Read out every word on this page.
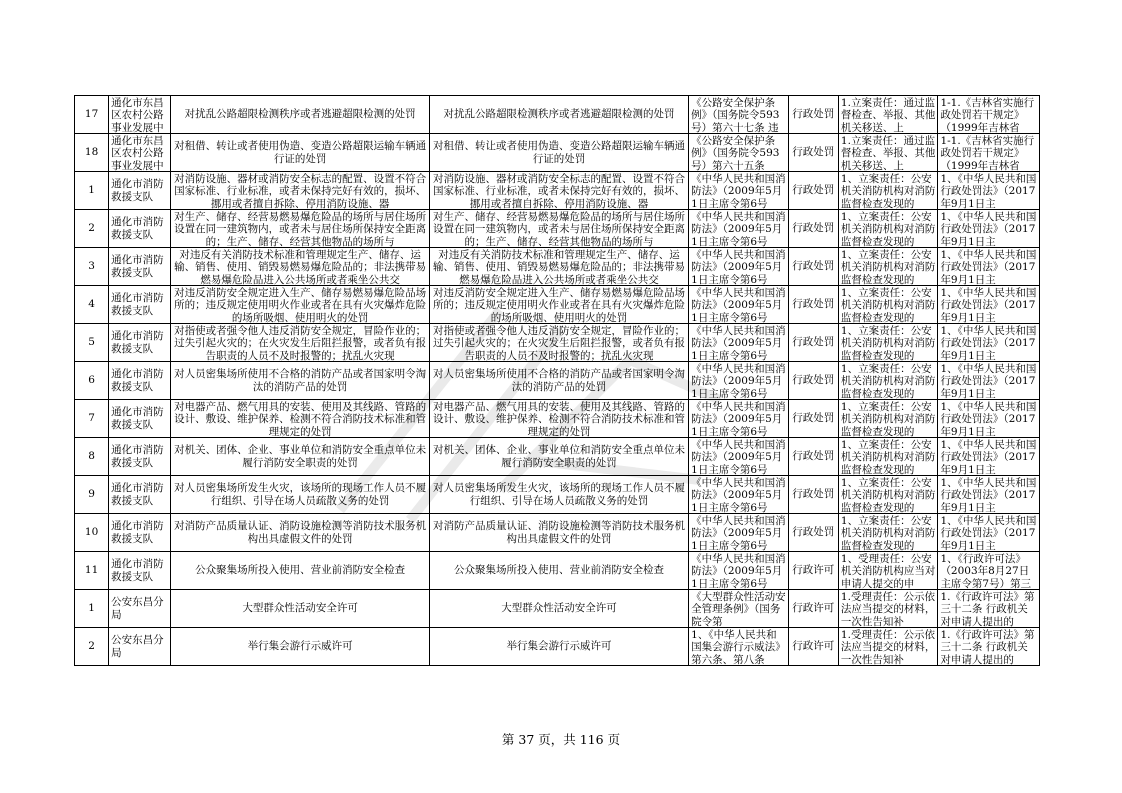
17	通化市东昌区农村公路事业发展中	对扰乱公路超限检测秩序或者逃避超限检测的处罚	对扰乱公路超限检测秩序或者逃避超限检测的处罚	《公路安全保护条例》（国务院令593号）第六十七条 违	行政处罚	1.立案责任：通过监督检查、举报、其他机关移送、上	1-1.《吉林省实施行政处罚若干规定》（1999年吉林省

18	通化市东昌区农村公路事业发展中	对租借、转让或者使用伪造、变造公路超限运输车辆通行证的处罚	对租借、转让或者使用伪造、变造公路超限运输车辆通行证的处罚	《公路安全保护条例》（国务院令593号）第六十五条	行政处罚	1.立案责任：通过监督检查、举报、其他机关移送、上	1-1.《吉林省实施行政处罚若干规定》（1999年吉林省

1	通化市消防救援支队	对消防设施、器材或消防安全标志的配置、设置不符合国家标准、行业标准，或者未保持完好有效的，损坏、挪用或者擅自拆除、停用消防设施、器	对消防设施、器材或消防安全标志的配置、设置不符合国家标准、行业标准，或者未保持完好有效的，损坏、挪用或者擅自拆除、停用消防设施、器	《中华人民共和国消防法》（2009年5月1日主席令第6号	行政处罚	1、立案责任：公安机关消防机构对消防监督检查发现的	1、《中华人民共和国行政处罚法》（2017年9月1日主

2	通化市消防救援支队	对生产、储存、经营易燃易爆危险品的场所与居住场所设置在同一建筑物内，或者未与居住场所保持安全距离的；生产、储存、经营其他物品的场所与	对生产、储存、经营易燃易爆危险品的场所与居住场所设置在同一建筑物内，或者未与居住场所保持安全距离的；生产、储存、经营其他物品的场所与	《中华人民共和国消防法》（2009年5月1日主席令第6号	行政处罚	1、立案责任：公安机关消防机构对消防监督检查发现的	1、《中华人民共和国行政处罚法》（2017年9月1日主

3	通化市消防救援支队	对违反有关消防技术标准和管理规定生产、储存、运输、销售、使用、销毁易燃易爆危险品的；非法携带易燃易爆危险品进入公共场所或者乘坐公共交	对违反有关消防技术标准和管理规定生产、储存、运输、销售、使用、销毁易燃易爆危险品的；非法携带易燃易爆危险品进入公共场所或者乘坐公共交	《中华人民共和国消防法》（2009年5月1日主席令第6号	行政处罚	1、立案责任：公安机关消防机构对消防监督检查发现的	1、《中华人民共和国行政处罚法》（2017年9月1日主

4	通化市消防救援支队	对违反消防安全规定进入生产、储存易燃易爆危险品场所的；违反规定使用明火作业或者在具有火灾爆炸危险的场所吸烟、使用明火的处罚	对违反消防安全规定进入生产、储存易燃易爆危险品场所的；违反规定使用明火作业或者在具有火灾爆炸危险的场所吸烟、使用明火的处罚	《中华人民共和国消防法》（2009年5月1日主席令第6号	行政处罚	1、立案责任：公安机关消防机构对消防监督检查发现的	1、《中华人民共和国行政处罚法》（2017年9月1日主

5	通化市消防救援支队	对指使或者强令他人违反消防安全规定，冒险作业的；过失引起火灾的；在火灾发生后阻拦报警，或者负有报告职责的人员不及时报警的；扰乱火灾现	对指使或者强令他人违反消防安全规定，冒险作业的；过失引起火灾的；在火灾发生后阻拦报警，或者负有报告职责的人员不及时报警的；扰乱火灾现	《中华人民共和国消防法》（2009年5月1日主席令第6号	行政处罚	1、立案责任：公安机关消防机构对消防监督检查发现的	1、《中华人民共和国行政处罚法》（2017年9月1日主

6	通化市消防救援支队	对人员密集场所使用不合格的消防产品或者国家明令淘汰的消防产品的处罚	对人员密集场所使用不合格的消防产品或者国家明令淘汰的消防产品的处罚	《中华人民共和国消防法》（2009年5月1日主席令第6号	行政处罚	1、立案责任：公安机关消防机构对消防监督检查发现的	1、《中华人民共和国行政处罚法》（2017年9月1日主

7	通化市消防救援支队	对电器产品、燃气用具的安装、使用及其线路、管路的设计、敷设、维护保养、检测不符合消防技术标准和管理规定的处罚	对电器产品、燃气用具的安装、使用及其线路、管路的设计、敷设、维护保养、检测不符合消防技术标准和管理规定的处罚	《中华人民共和国消防法》（2009年5月1日主席令第6号	行政处罚	1、立案责任：公安机关消防机构对消防监督检查发现的	1、《中华人民共和国行政处罚法》（2017年9月1日主

8	通化市消防救援支队	对机关、团体、企业、事业单位和消防安全重点单位未履行消防安全职责的处罚	对机关、团体、企业、事业单位和消防安全重点单位未履行消防安全职责的处罚	《中华人民共和国消防法》（2009年5月1日主席令第6号	行政处罚	1、立案责任：公安机关消防机构对消防监督检查发现的	1、《中华人民共和国行政处罚法》（2017年9月1日主

9	通化市消防救援支队	对人员密集场所发生火灾，该场所的现场工作人员不履行组织、引导在场人员疏散义务的处罚	对人员密集场所发生火灾，该场所的现场工作人员不履行组织、引导在场人员疏散义务的处罚	《中华人民共和国消防法》（2009年5月1日主席令第6号	行政处罚	1、立案责任：公安机关消防机构对消防监督检查发现的	1、《中华人民共和国行政处罚法》（2017年9月1日主

10	通化市消防救援支队	对消防产品质量认证、消防设施检测等消防技术服务机构出具虚假文件的处罚	对消防产品质量认证、消防设施检测等消防技术服务机构出具虚假文件的处罚	《中华人民共和国消防法》（2009年5月1日主席令第6号	行政处罚	1、立案责任：公安机关消防机构对消防监督检查发现的	1、《中华人民共和国行政处罚法》（2017年9月1日主

11	通化市消防救援支队	公众聚集场所投入使用、营业前消防安全检查	公众聚集场所投入使用、营业前消防安全检查	《中华人民共和国消防法》（2009年5月1日主席令第6号	行政许可	1、受理责任：公安机关消防机构应当对申请人提交的申	1、《行政许可法》（2003年8月27日主席令第7号）第三

1	公安东昌分局	大型群众性活动安全许可	大型群众性活动安全许可	《大型群众性活动安全管理条例》（国务院令第	行政许可	1.受理责任：公示依法应当提交的材料，一次性告知补	1.《行政许可法》第三十二条 行政机关对申请人提出的

2	公安东昌分局	举行集会游行示威许可	举行集会游行示威许可	1、《中华人民共和国集会游行示威法》第六条、第八条	行政许可	1.受理责任：公示依法应当提交的材料，一次性告知补	1.《行政许可法》第三十二条 行政机关对申请人提出的
第 37 页，共 116 页
